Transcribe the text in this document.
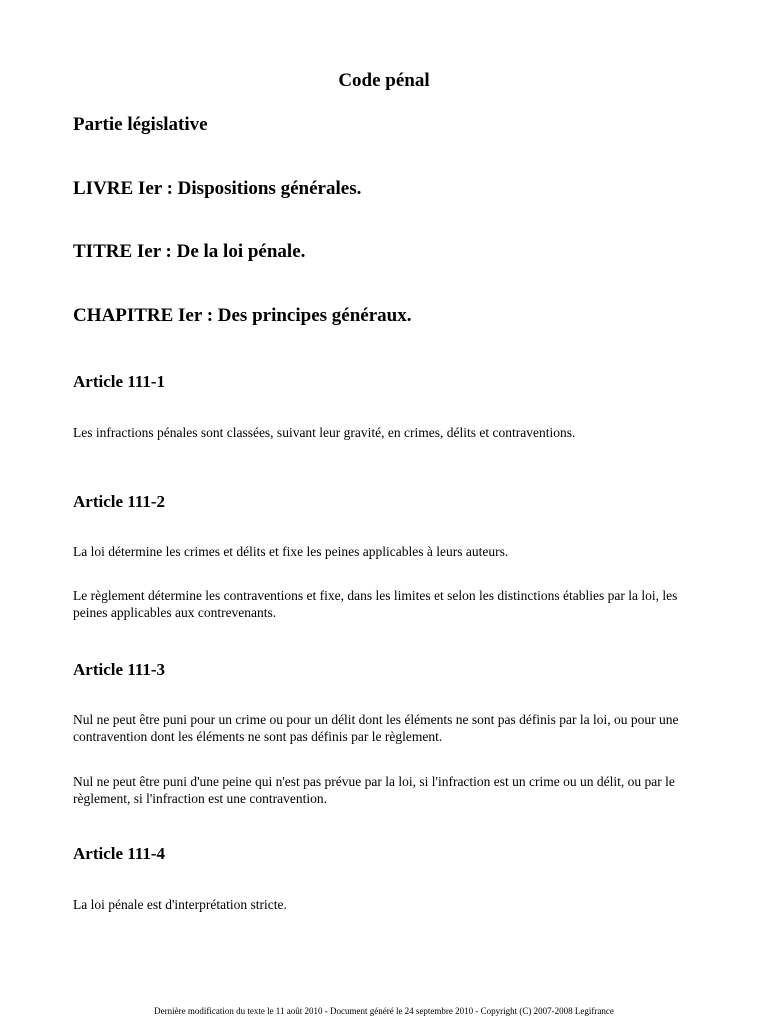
Code pénal
Partie législative
LIVRE Ier : Dispositions générales.
TITRE Ier : De la loi pénale.
CHAPITRE Ier : Des principes généraux.
Article 111-1

Les infractions pénales sont classées, suivant leur gravité, en crimes, délits et contraventions.

Article 111-2

La loi détermine les crimes et délits et fixe les peines applicables à leurs auteurs.

Le règlement détermine les contraventions et fixe, dans les limites et selon les distinctions établies par la loi, les peines applicables aux contrevenants.

Article 111-3

Nul ne peut être puni pour un crime ou pour un délit dont les éléments ne sont pas définis par la loi, ou pour une contravention dont les éléments ne sont pas définis par le règlement.

Nul ne peut être puni d'une peine qui n'est pas prévue par la loi, si l'infraction est un crime ou un délit, ou par le règlement, si l'infraction est une contravention.

Article 111-4

La loi pénale est d'interprétation stricte.

Dernière modification du texte le 11 août 2010 - Document généré le 24 septembre 2010 - Copyright (C) 2007-2008 Legifrance
